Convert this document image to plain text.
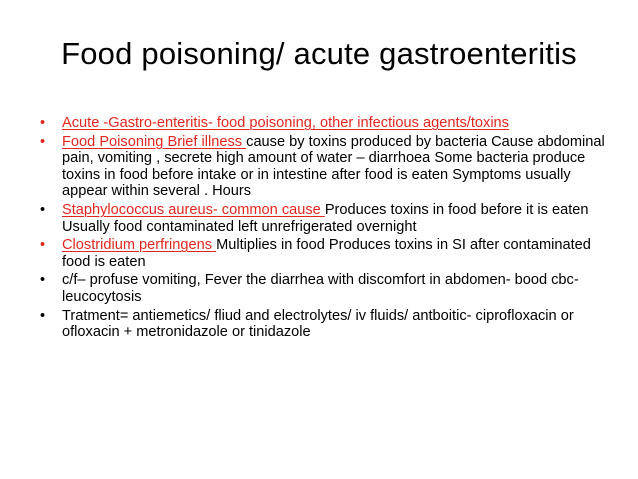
Food poisoning/ acute gastroenteritis
•	Acute -Gastro-enteritis- food poisoning, other infectious agents/toxins
•	Food Poisoning Brief illness cause by toxins produced by bacteria Cause abdominal pain, vomiting , secrete high amount of water – diarrhoea Some bacteria produce toxins in food before intake or in intestine after food is eaten Symptoms usually appear within several . Hours
•	Staphylococcus aureus- common cause Produces toxins in food before it is eaten Usually food contaminated left unrefrigerated overnight
•	Clostridium perfringens Multiplies in food Produces toxins in SI after contaminated food is eaten
•	c/f– profuse vomiting, Fever the diarrhea with discomfort in abdomen- bood cbc- leucocytosis
•	Tratment= antiemetics/ fliud and electrolytes/ iv fluids/ antboitic- ciprofloxacin or ofloxacin + metronidazole or tinidazole
